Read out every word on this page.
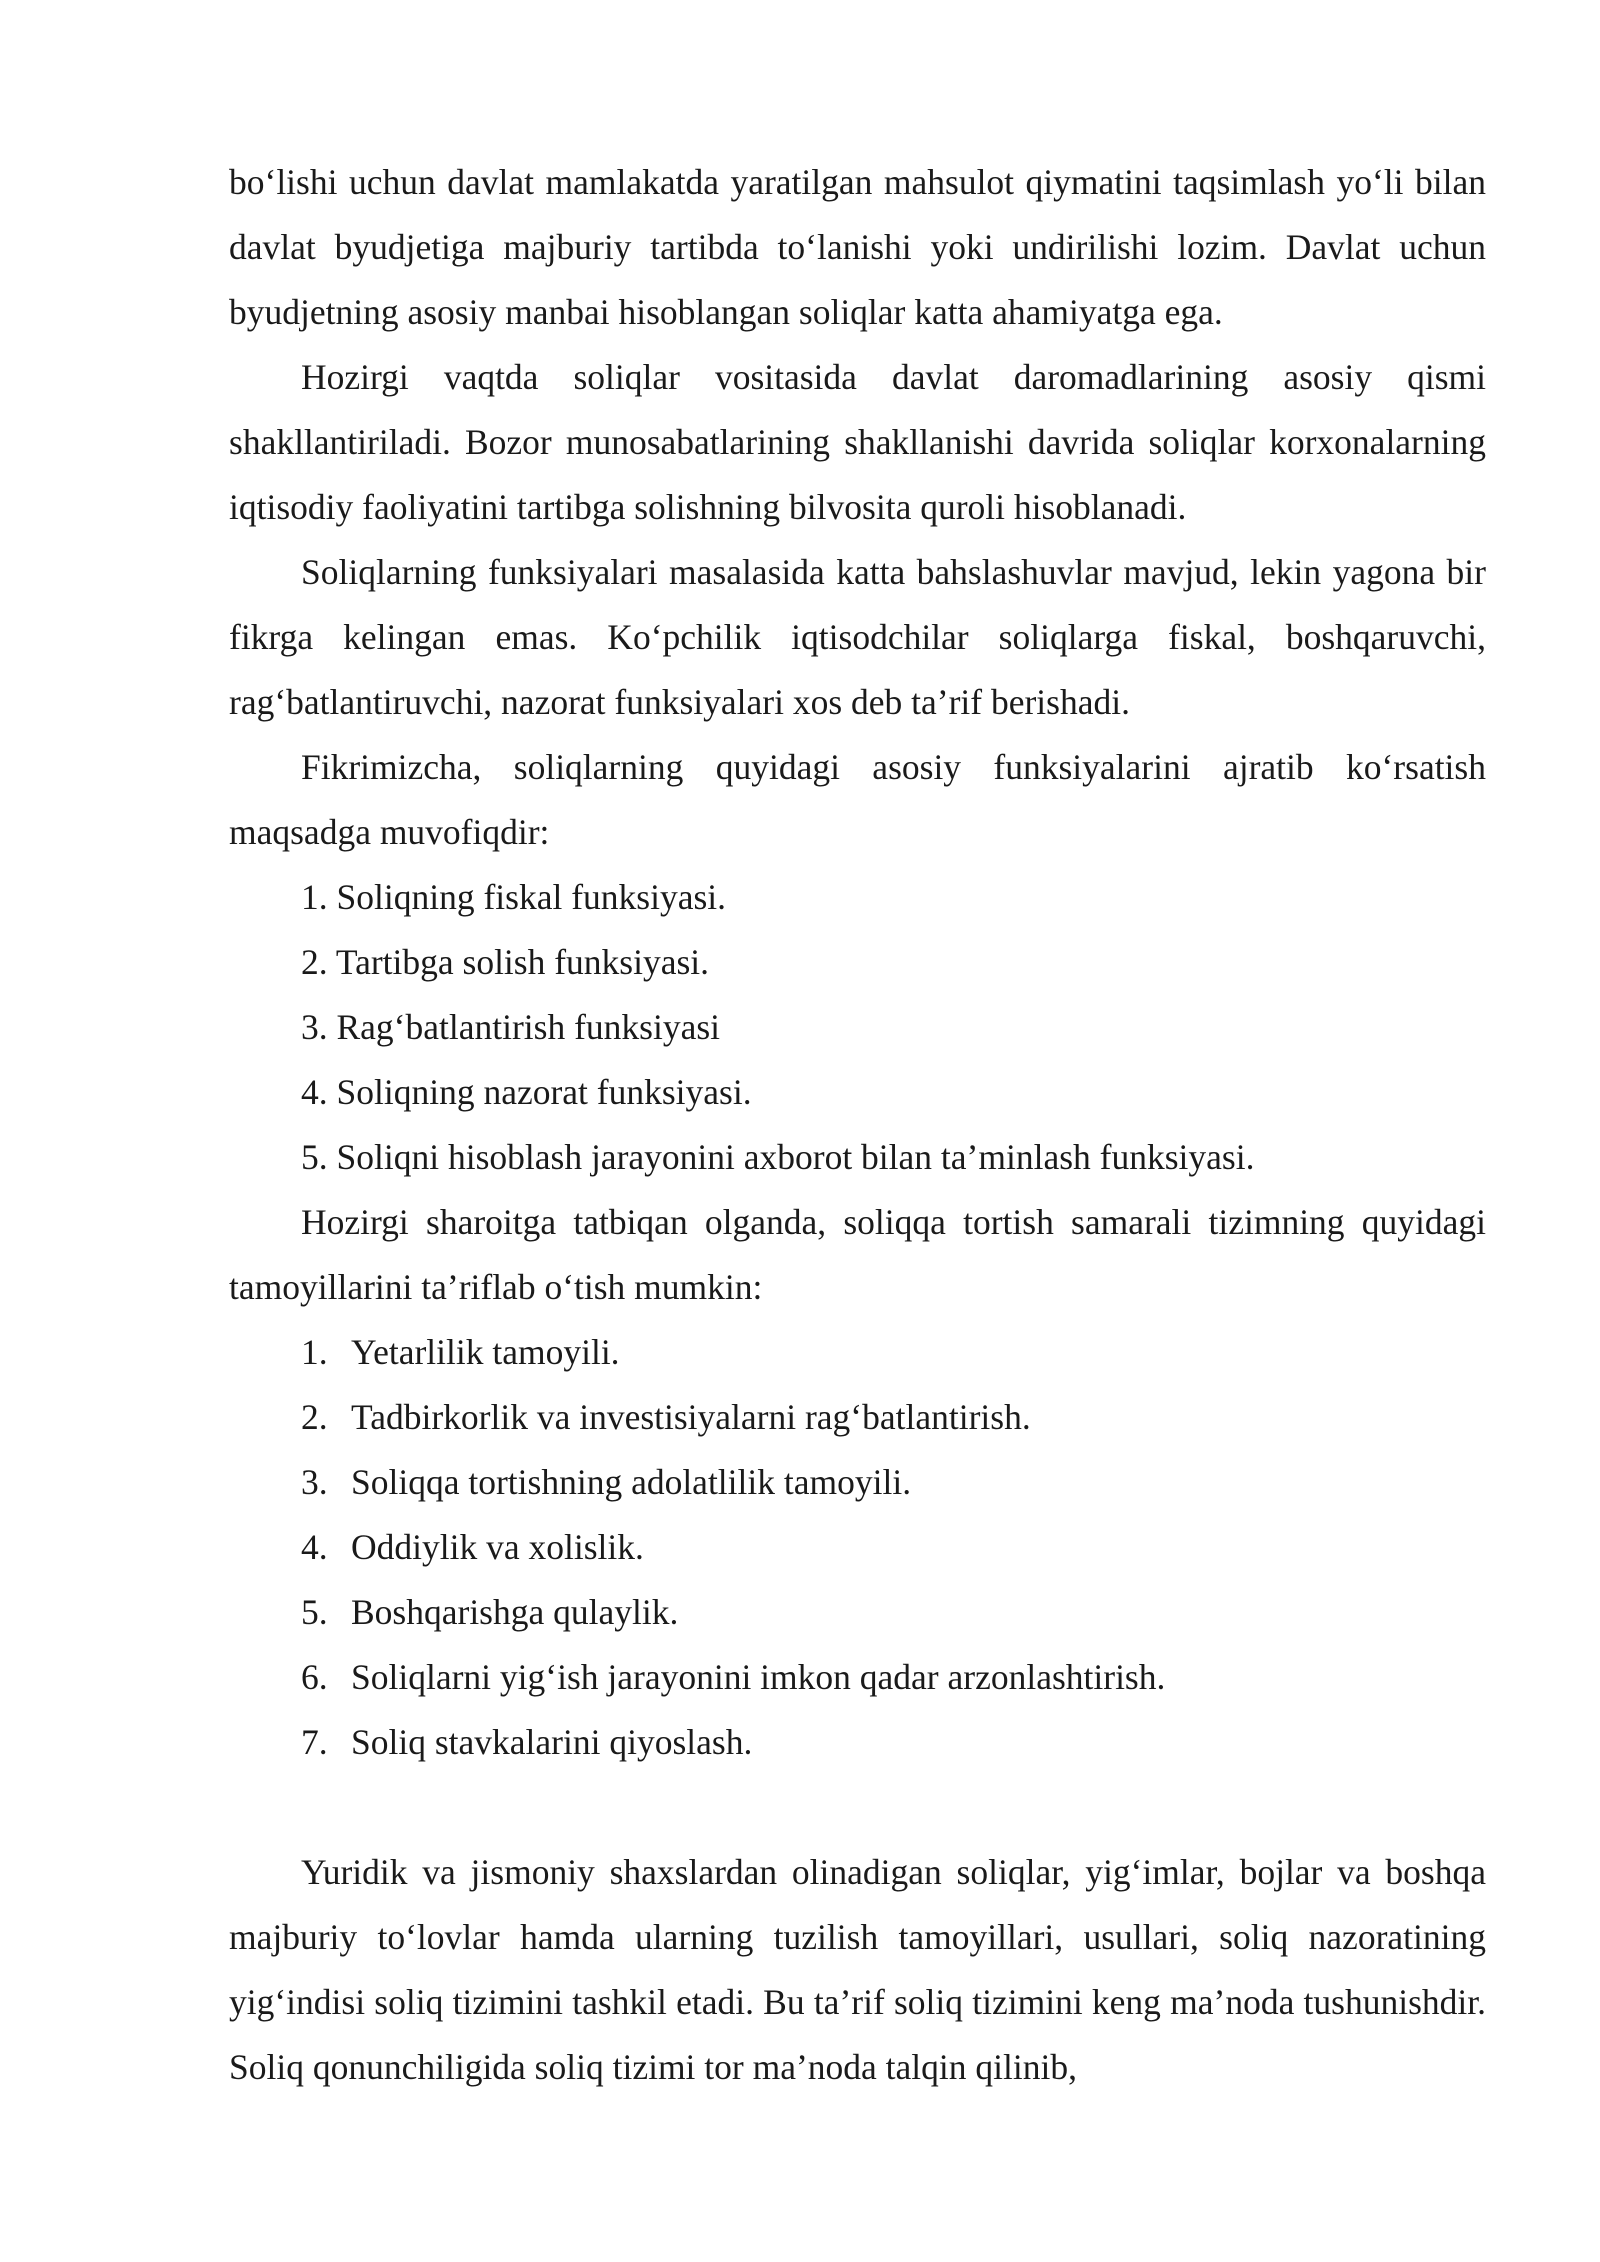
bo‘lishi uchun davlat mamlakatda yaratilgan mahsulot qiymatini taqsimlash yo‘li bilan davlat byudjetiga majburiy tartibda to‘lanishi yoki undirilishi lozim. Davlat uchun byudjetning asosiy manbai hisoblangan soliqlar katta ahamiyatga ega.

Hozirgi vaqtda soliqlar vositasida davlat daromadlarining asosiy qismi shakllantiriladi. Bozor munosabatlarining shakllanishi davrida soliqlar korxonalarning iqtisodiy faoliyatini tartibga solishning bilvosita quroli hisoblanadi.

Soliqlarning funksiyalari masalasida katta bahslashuvlar mavjud, lekin yagona bir fikrga kelingan emas. Ko‘pchilik iqtisodchilar soliqlarga fiskal, boshqaruvchi, rag‘batlantiruvchi, nazorat funksiyalari xos deb ta’rif berishadi.

Fikrimizcha, soliqlarning quyidagi asosiy funksiyalarini ajratib ko‘rsatish maqsadga muvofiqdir:

1. Soliqning fiskal funksiyasi.

2. Tartibga solish funksiyasi.

3. Rag‘batlantirish funksiyasi

4. Soliqning nazorat funksiyasi.

5. Soliqni hisoblash jarayonini axborot bilan ta’minlash funksiyasi.

Hozirgi sharoitga tatbiqan olganda, soliqqa tortish samarali tizimning quyidagi tamoyillarini ta’riflab o‘tish mumkin:

1. Yetarlilik tamoyili.

2. Tadbirkorlik va investisiyalarni rag‘batlantirish.

3. Soliqqa tortishning adolatlilik tamoyili.

4. Oddiylik va xolislik.

5. Boshqarishga qulaylik.

6. Soliqlarni yig‘ish jarayonini imkon qadar arzonlashtirish.

7. Soliq stavkalarini qiyoslash.

Yuridik va jismoniy shaxslardan olinadigan soliqlar, yig‘imlar, bojlar va boshqa majburiy to‘lovlar hamda ularning tuzilish tamoyillari, usullari, soliq nazoratining yig‘indisi soliq tizimini tashkil etadi. Bu ta’rif soliq tizimini keng ma’noda tushunishdir. Soliq qonunchiligida soliq tizimi tor ma’noda talqin qilinib,
